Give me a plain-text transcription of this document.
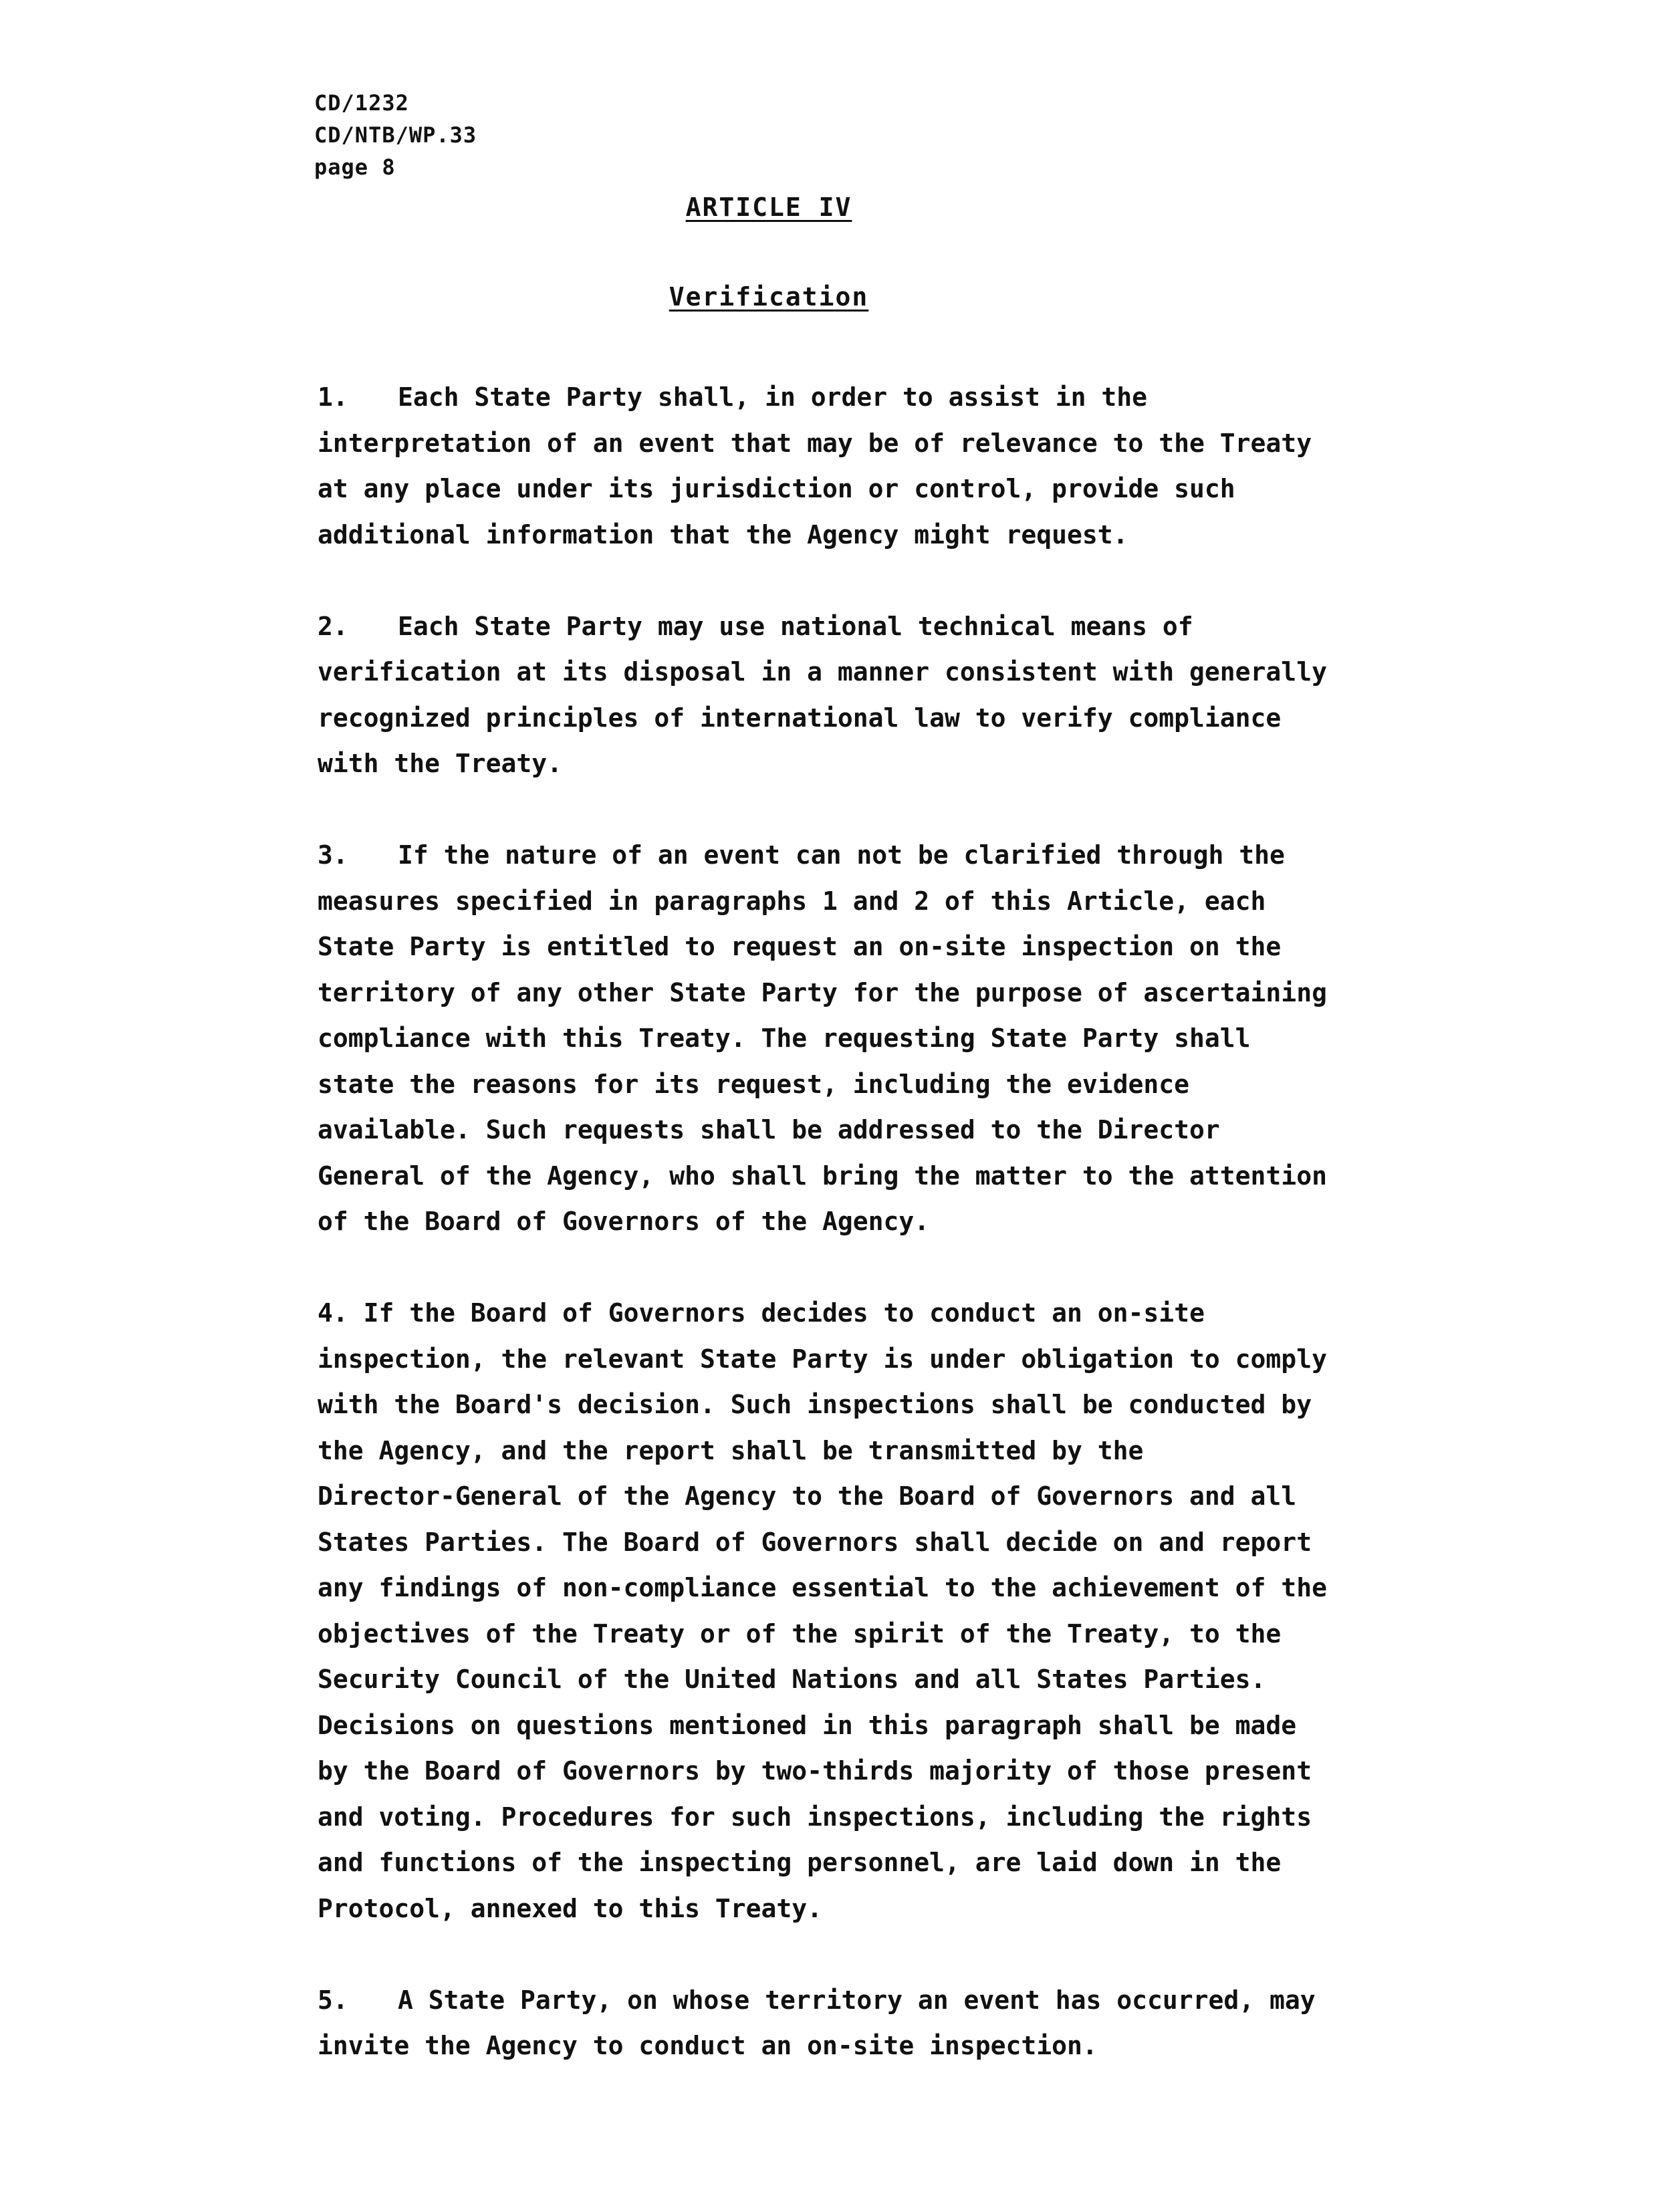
CD/1232
CD/NTB/WP.33
page 8
ARTICLE IV
Verification
1. Each State Party shall, in order to assist in the
interpretation of an event that may be of relevance to the Treaty
at any place under its jurisdiction or control, provide such
additional information that the Agency might request.
2. Each State Party may use national technical means of
verification at its disposal in a manner consistent with generally
recognized principles of international law to verify compliance
with the Treaty.
3. If the nature of an event can not be clarified through the
measures specified in paragraphs 1 and 2 of this Article, each
State Party is entitled to request an on-site inspection on the
territory of any other State Party for the purpose of ascertaining
compliance with this Treaty. The requesting State Party shall
state the reasons for its request, including the evidence
available. Such requests shall be addressed to the Director
General of the Agency, who shall bring the matter to the attention
of the Board of Governors of the Agency.
4. If the Board of Governors decides to conduct an on-site
inspection, the relevant State Party is under obligation to comply
with the Board's decision. Such inspections shall be conducted by
the Agency, and the report shall be transmitted by the
Director-General of the Agency to the Board of Governors and all
States Parties. The Board of Governors shall decide on and report
any findings of non-compliance essential to the achievement of the
objectives of the Treaty or of the spirit of the Treaty, to the
Security Council of the United Nations and all States Parties.
Decisions on questions mentioned in this paragraph shall be made
by the Board of Governors by two-thirds majority of those present
and voting. Procedures for such inspections, including the rights
and functions of the inspecting personnel, are laid down in the
Protocol, annexed to this Treaty.
5. A State Party, on whose territory an event has occurred, may
invite the Agency to conduct an on-site inspection.
